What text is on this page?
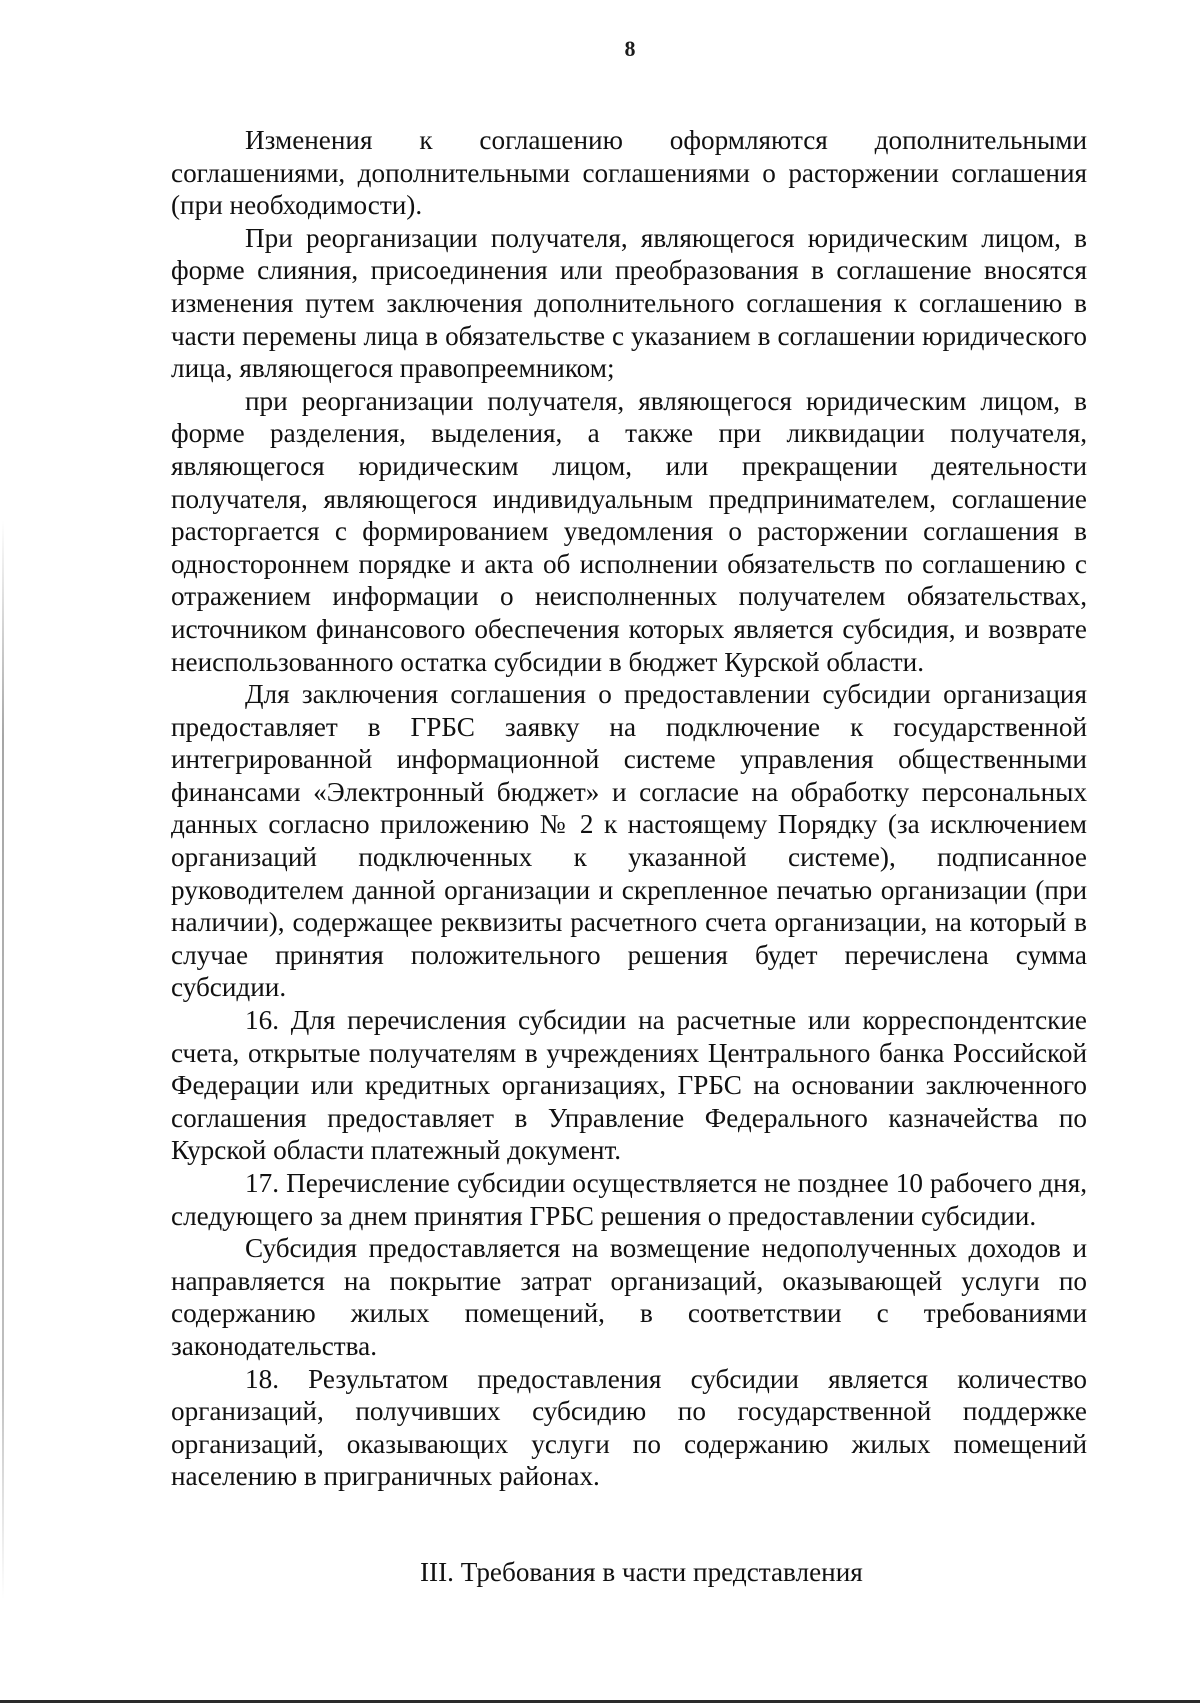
8

Изменения к соглашению оформляются дополнительными соглашениями, дополнительными соглашениями о расторжении соглашения (при необходимости).

При реорганизации получателя, являющегося юридическим лицом, в форме слияния, присоединения или преобразования в соглашение вносятся изменения путем заключения дополнительного соглашения к соглашению в части перемены лица в обязательстве с указанием в соглашении юридического лица, являющегося правопреемником;

при реорганизации получателя, являющегося юридическим лицом, в форме разделения, выделения, а также при ликвидации получателя, являющегося юридическим лицом, или прекращении деятельности получателя, являющегося индивидуальным предпринимателем, соглашение расторгается с формированием уведомления о расторжении соглашения в одностороннем порядке и акта об исполнении обязательств по соглашению с отражением информации о неисполненных получателем обязательствах, источником финансового обеспечения которых является субсидия, и возврате неиспользованного остатка субсидии в бюджет Курской области.

Для заключения соглашения о предоставлении субсидии организация предоставляет в ГРБС заявку на подключение к государственной интегрированной информационной системе управления общественными финансами «Электронный бюджет» и согласие на обработку персональных данных согласно приложению № 2 к настоящему Порядку (за исключением организаций подключенных к указанной системе), подписанное руководителем данной организации и скрепленное печатью организации (при наличии), содержащее реквизиты расчетного счета организации, на который в случае принятия положительного решения будет перечислена сумма субсидии.

16. Для перечисления субсидии на расчетные или корреспондентские счета, открытые получателям в учреждениях Центрального банка Российской Федерации или кредитных организациях, ГРБС на основании заключенного соглашения предоставляет в Управление Федерального казначейства по Курской области платежный документ.

17. Перечисление субсидии осуществляется не позднее 10 рабочего дня, следующего за днем принятия ГРБС решения о предоставлении субсидии.

Субсидия предоставляется на возмещение недополученных доходов и направляется на покрытие затрат организаций, оказывающей услуги по содержанию жилых помещений, в соответствии с требованиями законодательства.

18. Результатом предоставления субсидии является количество организаций, получивших субсидию по государственной поддержке организаций, оказывающих услуги по содержанию жилых помещений населению в приграничных районах.

III. Требования в части представления
